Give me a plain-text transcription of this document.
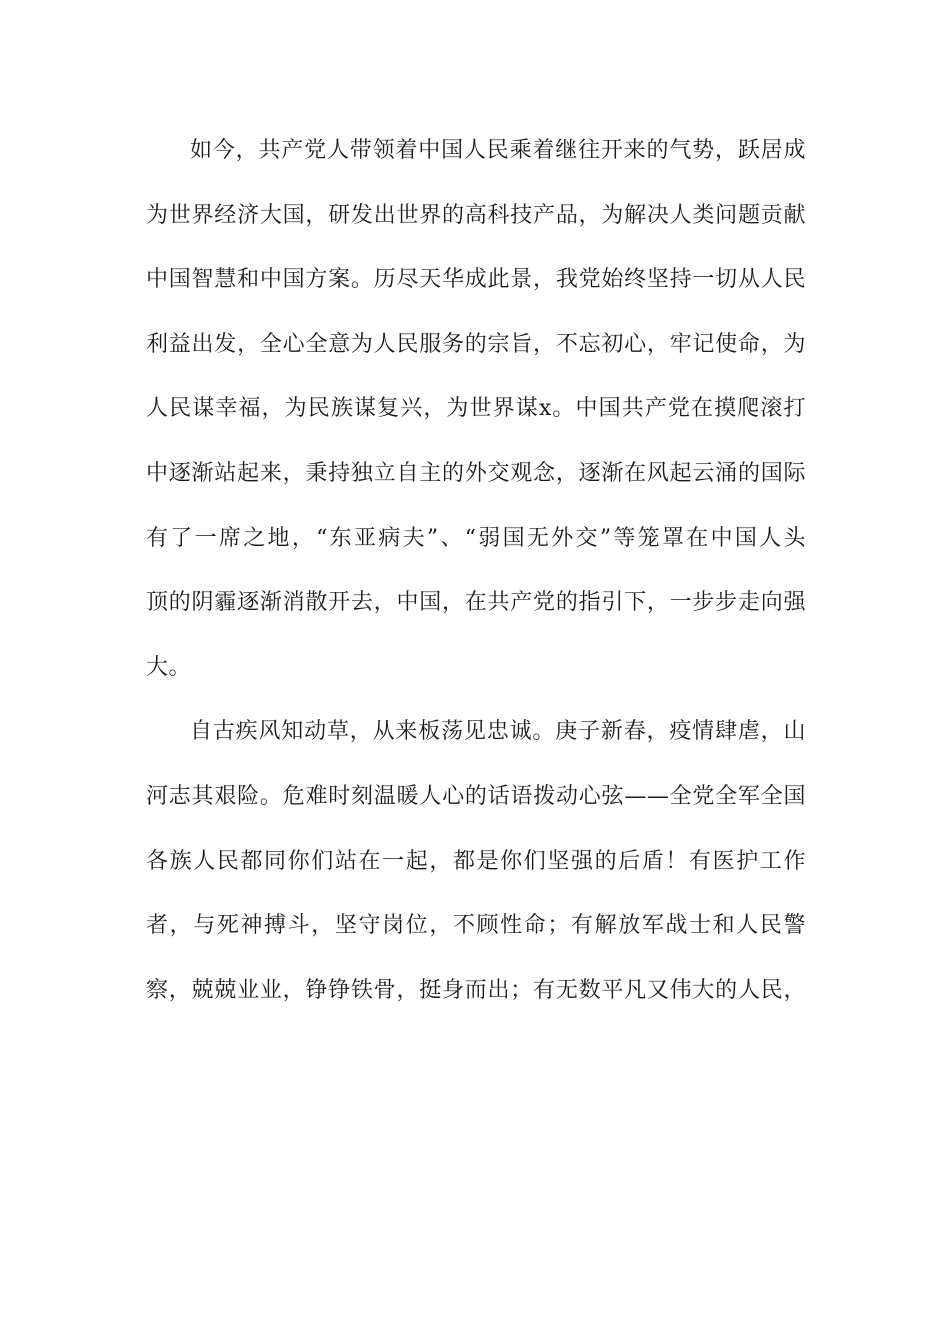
如今，共产党人带领着中国人民乘着继往开来的气势，跃居成
为世界经济大国，研发出世界的高科技产品，为解决人类问题贡献
中国智慧和中国方案。历尽天华成此景，我党始终坚持一切从人民
利益出发，全心全意为人民服务的宗旨，不忘初心，牢记使命，为
人民谋幸福，为民族谋复兴，为世界谋x。中国共产党在摸爬滚打
中逐渐站起来，秉持独立自主的外交观念，逐渐在风起云涌的国际
有了一席之地，“东亚病夫”、“弱国无外交”等笼罩在中国人头
顶的阴霾逐渐消散开去，中国，在共产党的指引下，一步步走向强
大。
自古疾风知动草，从来板荡见忠诚。庚子新春，疫情肆虐，山
河志其艰险。危难时刻温暖人心的话语拨动心弦——全党全军全国
各族人民都同你们站在一起，都是你们坚强的后盾！有医护工作
者，与死神搏斗，坚守岗位，不顾性命；有解放军战士和人民警
察，兢兢业业，铮铮铁骨，挺身而出；有无数平凡又伟大的人民，
